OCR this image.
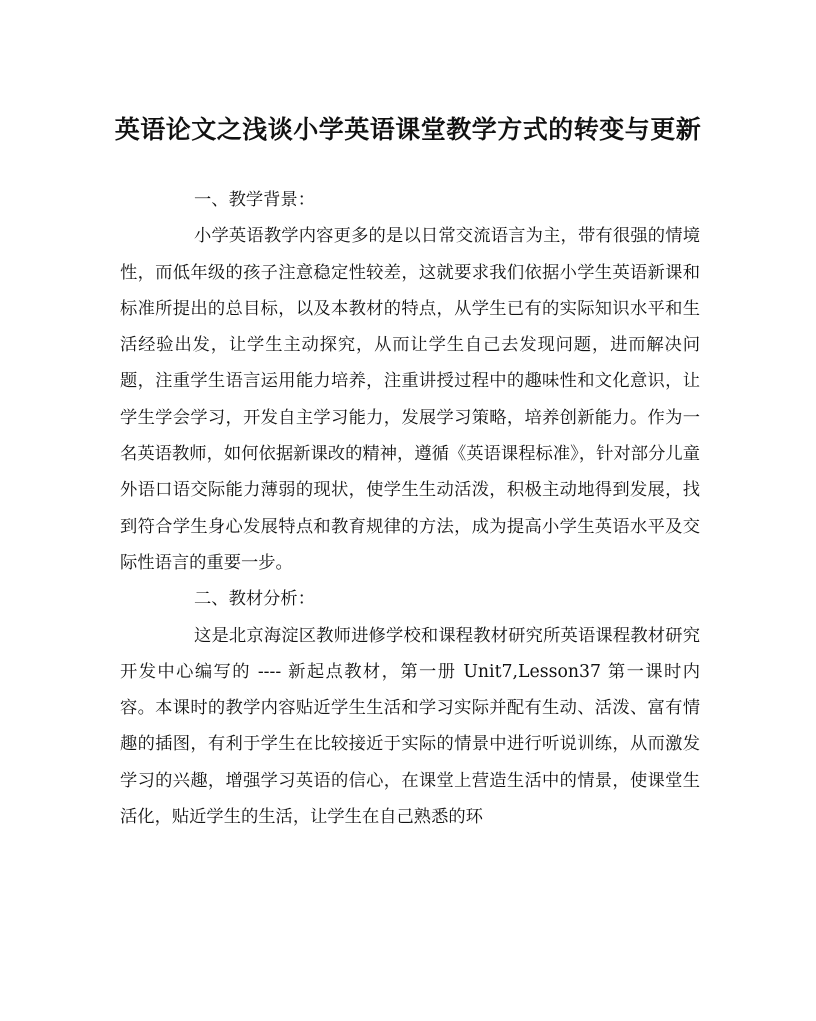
英语论文之浅谈小学英语课堂教学方式的转变与更新

一、教学背景：

小学英语教学内容更多的是以日常交流语言为主，带有很强的情境性，而低年级的孩子注意稳定性较差，这就要求我们依据小学生英语新课和标准所提出的总目标，以及本教材的特点，从学生已有的实际知识水平和生活经验出发，让学生主动探究，从而让学生自己去发现问题，进而解决问题，注重学生语言运用能力培养，注重讲授过程中的趣味性和文化意识，让学生学会学习，开发自主学习能力，发展学习策略，培养创新能力。作为一名英语教师，如何依据新课改的精神，遵循《英语课程标准》，针对部分儿童外语口语交际能力薄弱的现状，使学生生动活泼，积极主动地得到发展，找到符合学生身心发展特点和教育规律的方法，成为提高小学生英语水平及交际性语言的重要一步。

二、教材分析：

这是北京海淀区教师进修学校和课程教材研究所英语课程教材研究开发中心编写的 ---- 新起点教材，第一册 Unit7,Lesson37 第一课时内容。本课时的教学内容贴近学生生活和学习实际并配有生动、活泼、富有情趣的插图，有利于学生在比较接近于实际的情景中进行听说训练，从而激发学习的兴趣，增强学习英语的信心，在课堂上营造生活中的情景，使课堂生活化，贴近学生的生活，让学生在自己熟悉的环
